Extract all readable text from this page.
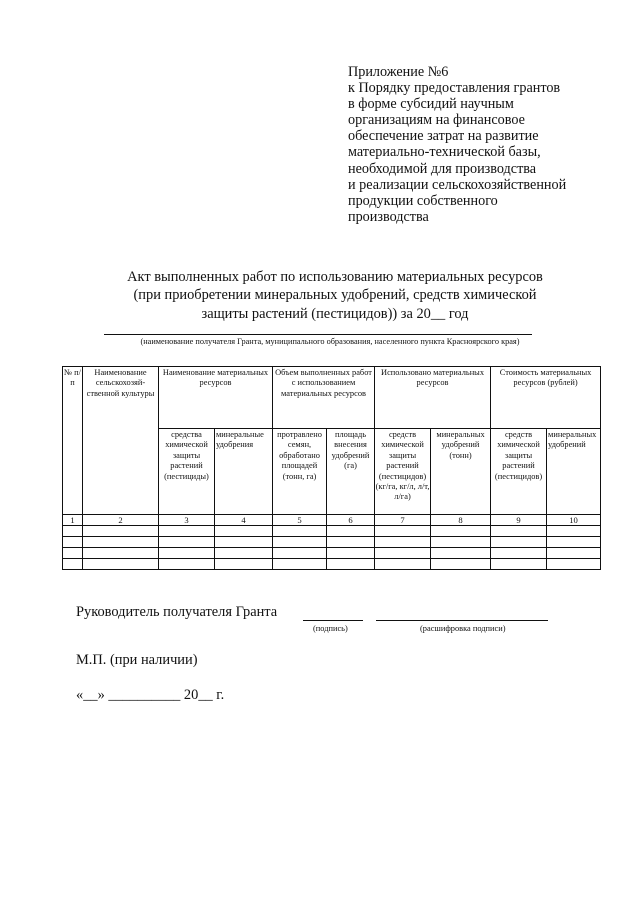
Приложение №6
к Порядку предоставления грантов
в форме субсидий научным
организациям на финансовое
обеспечение затрат на развитие
материально-технической базы,
необходимой для производства
и реализации сельскохозяйственной
продукции собственного
производства
Акт выполненных работ по использованию материальных ресурсов
(при приобретении минеральных удобрений, средств химической
защиты растений (пестицидов)) за 20__ год
(наименование получателя Гранта, муниципального образования, населенного пункта Красноярского края)
№ п/п	Наименование сельскохозяй-ственной культуры	Наименование материальных ресурсов		Объем выполненных работ с использованием материальных ресурсов		Использовано материальных ресурсов		Стоимость материальных ресурсов (рублей)	
		средства химической защиты растений (пестициды)	минеральные удобрения	протравлено семян, обработано площадей (тонн, га)	площадь внесения удобрений (га)	средств химической защиты растений (пестицидов) (кг/га, кг/л, л/т, л/га)	минеральных удобрений (тонн)	средств химической защиты растений (пестицидов)	минеральных удобрений
1	2	3	4	5	6	7	8	9	10

Руководитель получателя Гранта
(подпись)	(расшифровка подписи)
М.П. (при наличии)
«__» __________ 20__ г.
